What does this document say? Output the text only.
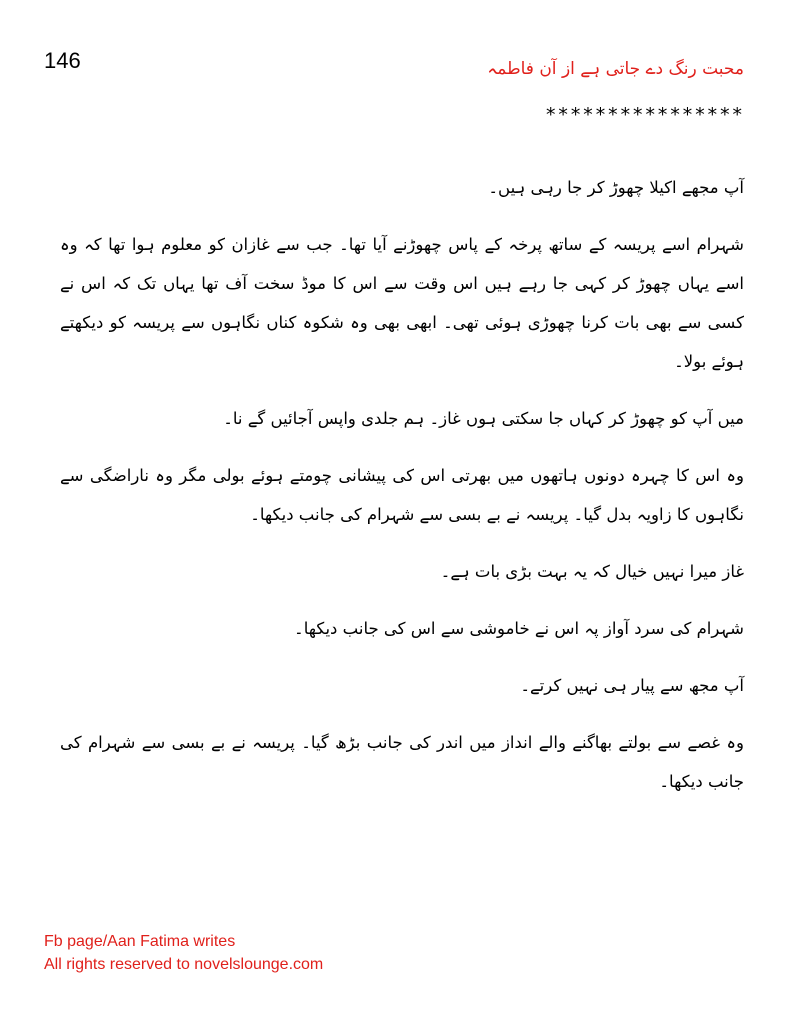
146	محبت رنگ دے جاتی ہے از آن فاطمہ
****************

آپ مجھے اکیلا چھوڑ کر جا رہی ہیں۔

شہرام اسے پریسہ کے ساتھ پرخہ کے پاس چھوڑنے آیا تھا۔ جب سے غازان کو معلوم ہوا تھا کہ وہ اسے یہاں چھوڑ کر کہی جا رہے ہیں اس وقت سے اس کا موڈ سخت آف تھا یہاں تک کہ اس نے کسی سے بھی بات کرنا چھوڑی ہوئی تھی۔ ابھی بھی وہ شکوہ کناں نگاہوں سے پریسہ کو دیکھتے ہوئے بولا۔

میں آپ کو چھوڑ کر کہاں جا سکتی ہوں غاز۔ ہم جلدی واپس آجائیں گے نا۔

وہ اس کا چہرہ دونوں ہاتھوں میں بھرتی اس کی پیشانی چومتے ہوئے بولی مگر وہ ناراضگی سے نگاہوں کا زاویہ بدل گیا۔ پریسہ نے بے بسی سے شہرام کی جانب دیکھا۔

غاز میرا نہیں خیال کہ یہ بہت بڑی بات ہے۔

شہرام کی سرد آواز پہ اس نے خاموشی سے اس کی جانب دیکھا۔

آپ مجھ سے پیار ہی نہیں کرتے۔

وہ غصے سے بولتے بھاگنے والے انداز میں اندر کی جانب بڑھ گیا۔ پریسہ نے بے بسی سے شہرام کی جانب دیکھا۔

Fb page/Aan Fatima writes
All rights reserved to novelslounge.com
